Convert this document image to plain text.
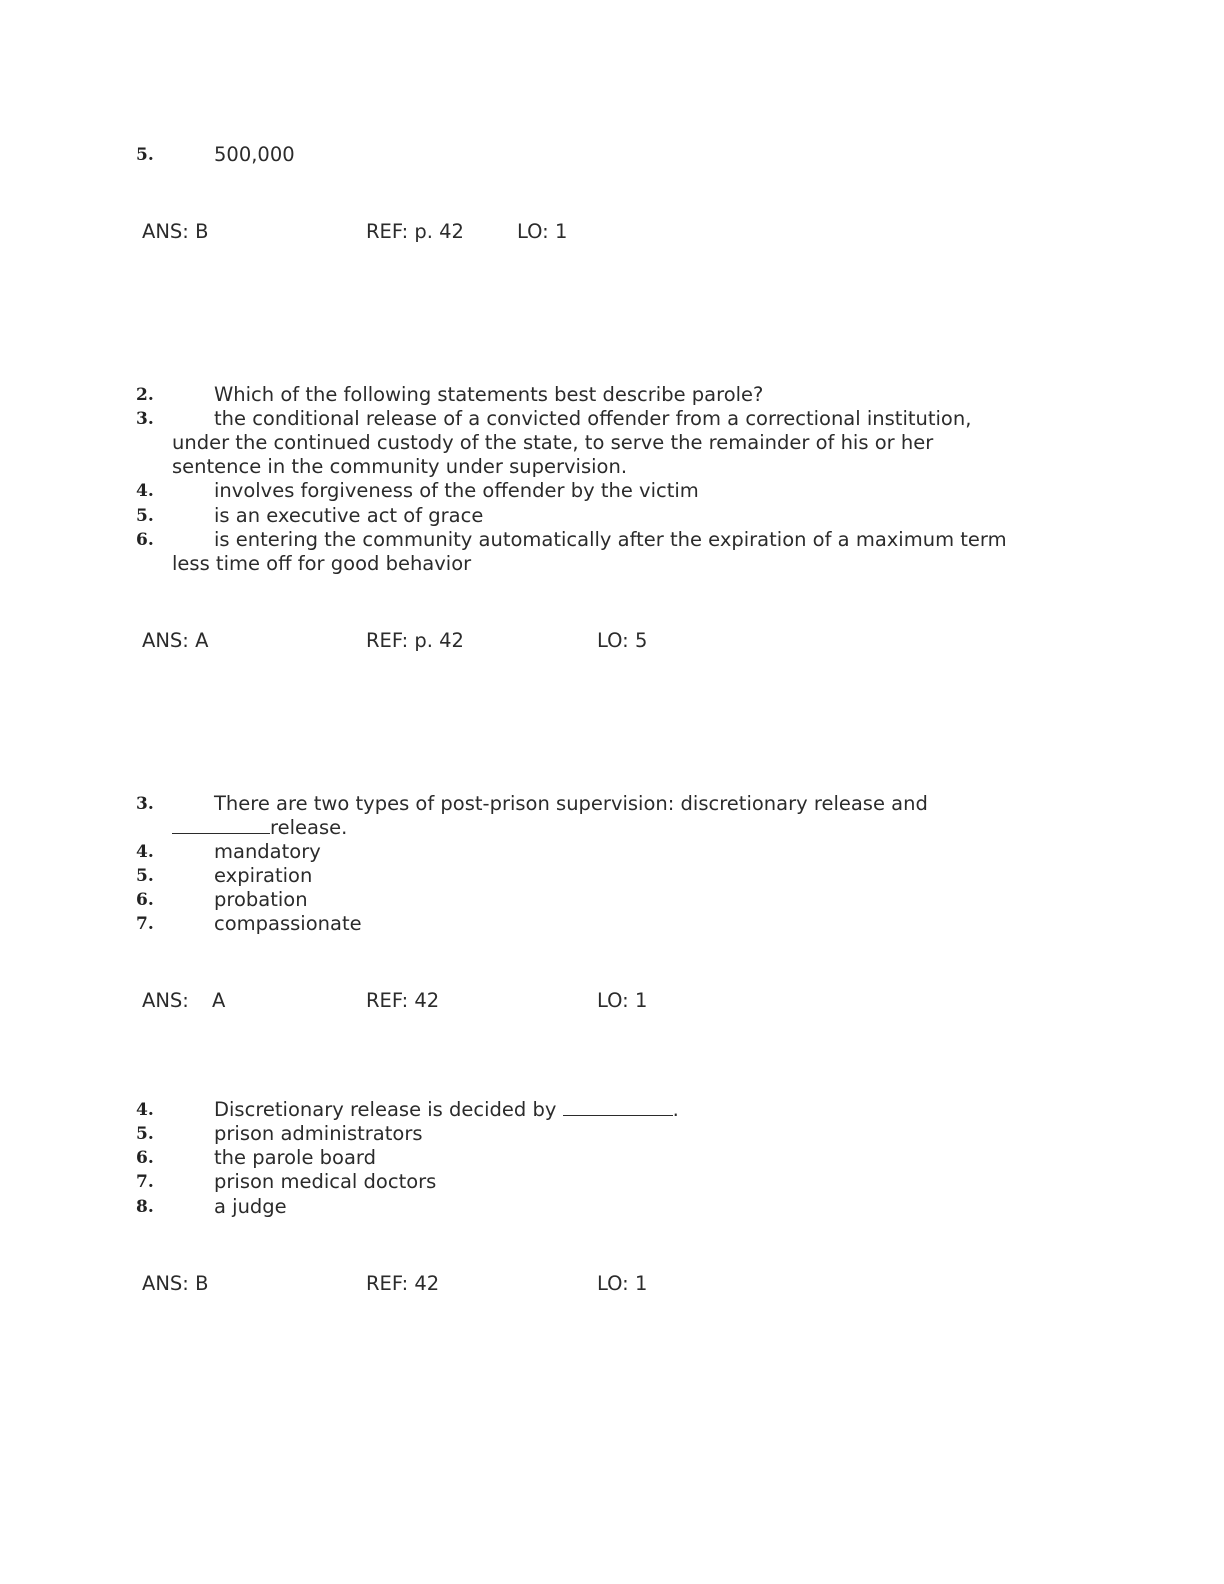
5.	500,000
ANS: B	REF: p. 42	LO: 1
2.	Which of the following statements best describe parole?
3.	the conditional release of a convicted offender from a correctional institution,
under the continued custody of the state, to serve the remainder of his or her
sentence in the community under supervision.
4.	involves forgiveness of the offender by the victim
5.	is an executive act of grace
6.	is entering the community automatically after the expiration of a maximum term
less time off for good behavior
ANS: A	REF: p. 42	LO: 5
3.	There are two types of post-prison supervision: discretionary release and
release.
4.	mandatory
5.	expiration
6.	probation
7.	compassionate
ANS: A	REF: 42	LO: 1
4.	Discretionary release is decided by	.
5.	prison administrators
6.	the parole board
7.	prison medical doctors
8.	a judge
ANS: B	REF: 42	LO: 1
